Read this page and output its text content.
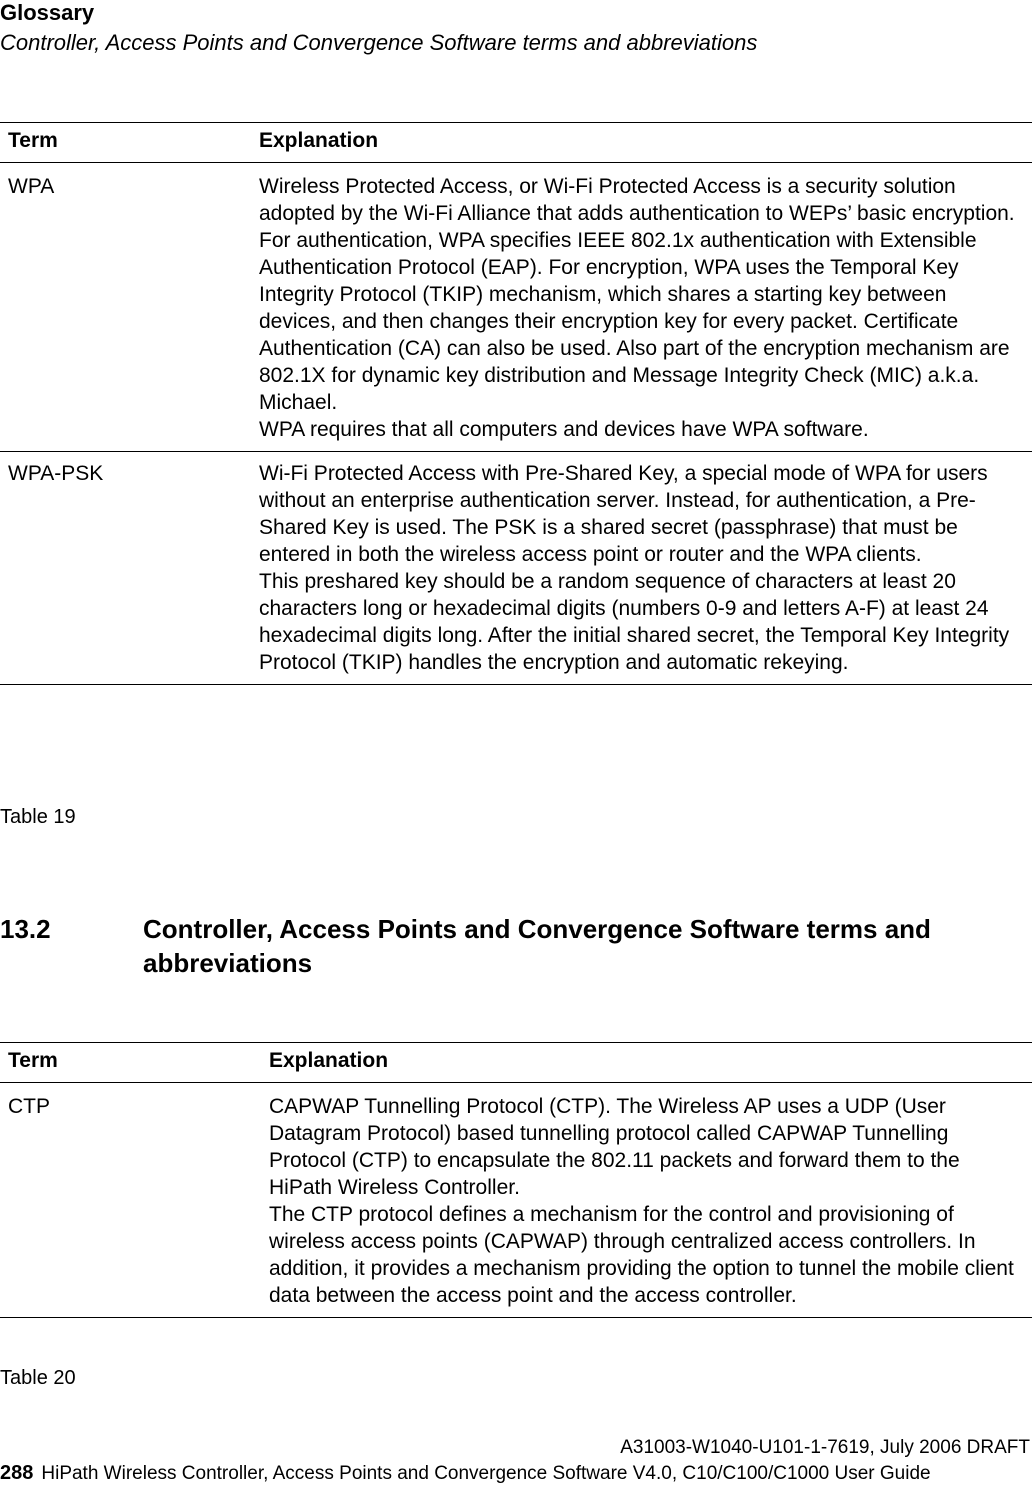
Glossary
Controller, Access Points and Convergence Software terms and abbreviations
Term	Explanation
WPA	Wireless Protected Access, or Wi-Fi Protected Access is a security solution adopted by the Wi-Fi Alliance that adds authentication to WEPs’ basic encryption. For authentication, WPA specifies IEEE 802.1x authentication with Extensible Authentication Protocol (EAP). For encryption, WPA uses the Temporal Key Integrity Protocol (TKIP) mechanism, which shares a starting key between devices, and then changes their encryption key for every packet. Certificate Authentication (CA) can also be used. Also part of the encryption mechanism are 802.1X for dynamic key distribution and Message Integrity Check (MIC) a.k.a. Michael.
WPA requires that all computers and devices have WPA software.
WPA-PSK	Wi-Fi Protected Access with Pre-Shared Key, a special mode of WPA for users without an enterprise authentication server. Instead, for authentication, a Pre-Shared Key is used. The PSK is a shared secret (passphrase) that must be entered in both the wireless access point or router and the WPA clients.
This preshared key should be a random sequence of characters at least 20 characters long or hexadecimal digits (numbers 0-9 and letters A-F) at least 24 hexadecimal digits long. After the initial shared secret, the Temporal Key Integrity Protocol (TKIP) handles the encryption and automatic rekeying.
Table 19
13.2	Controller, Access Points and Convergence Software terms and abbreviations
Term	Explanation
CTP	CAPWAP Tunnelling Protocol (CTP). The Wireless AP uses a UDP (User Datagram Protocol) based tunnelling protocol called CAPWAP Tunnelling Protocol (CTP) to encapsulate the 802.11 packets and forward them to the HiPath Wireless Controller.
The CTP protocol defines a mechanism for the control and provisioning of wireless access points (CAPWAP) through centralized access controllers. In addition, it provides a mechanism providing the option to tunnel the mobile client data between the access point and the access controller.
Table 20
A31003-W1040-U101-1-7619, July 2006 DRAFT
288 HiPath Wireless Controller, Access Points and Convergence Software V4.0, C10/C100/C1000 User Guide
